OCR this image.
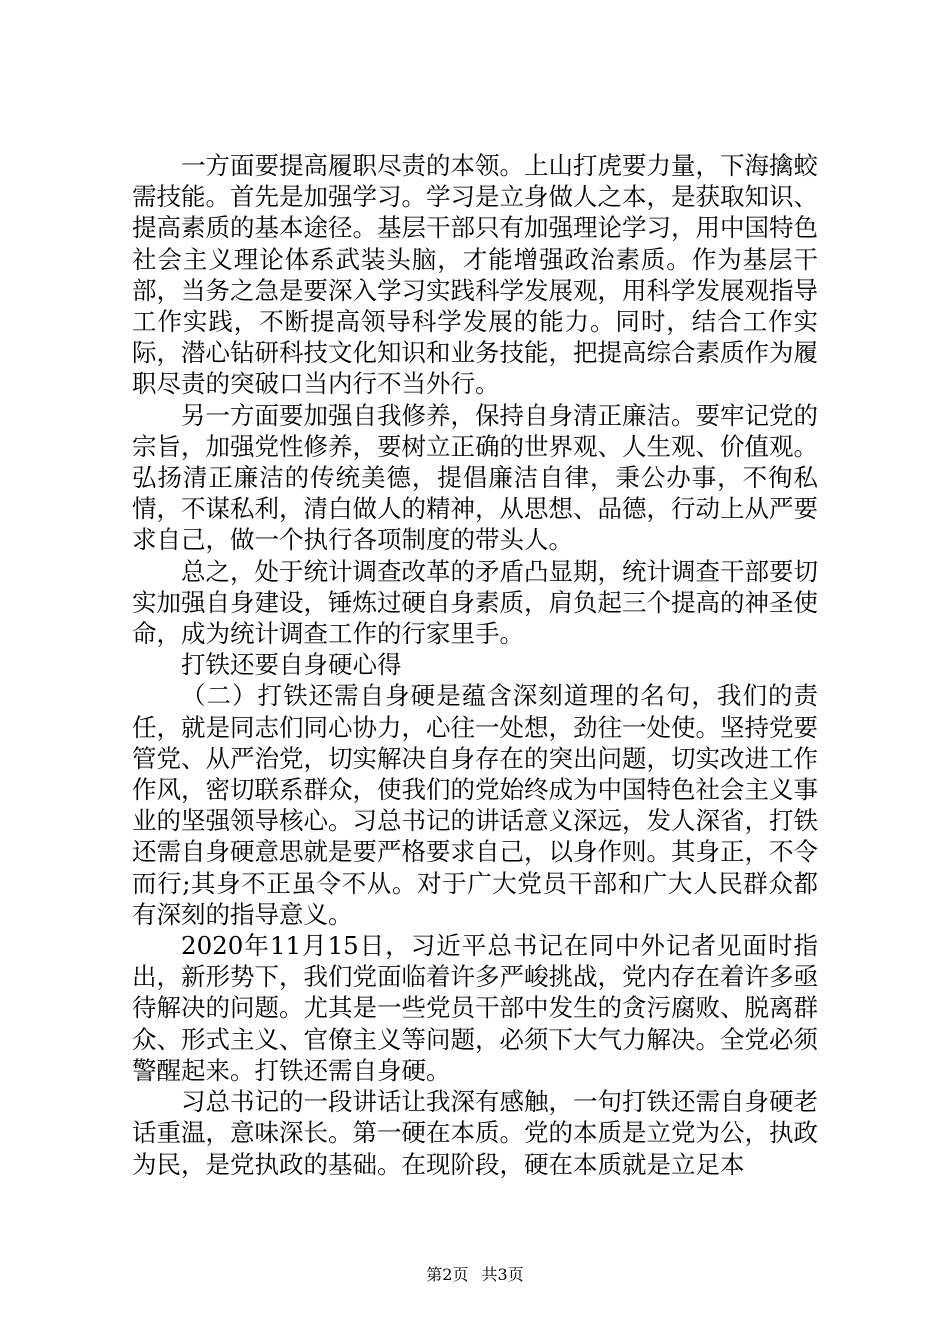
一方面要提高履职尽责的本领。上山打虎要力量，下海擒蛟需技能。首先是加强学习。学习是立身做人之本，是获取知识、提高素质的基本途径。基层干部只有加强理论学习，用中国特色社会主义理论体系武装头脑，才能增强政治素质。作为基层干部，当务之急是要深入学习实践科学发展观，用科学发展观指导工作实践，不断提高领导科学发展的能力。同时，结合工作实际，潜心钻研科技文化知识和业务技能，把提高综合素质作为履职尽责的突破口当内行不当外行。

另一方面要加强自我修养，保持自身清正廉洁。要牢记党的宗旨，加强党性修养，要树立正确的世界观、人生观、价值观。弘扬清正廉洁的传统美德，提倡廉洁自律，秉公办事，不徇私情，不谋私利，清白做人的精神，从思想、品德，行动上从严要求自己，做一个执行各项制度的带头人。

总之，处于统计调查改革的矛盾凸显期，统计调查干部要切实加强自身建设，锤炼过硬自身素质，肩负起三个提高的神圣使命，成为统计调查工作的行家里手。

打铁还要自身硬心得

（二）打铁还需自身硬是蕴含深刻道理的名句，我们的责任，就是同志们同心协力，心往一处想，劲往一处使。坚持党要管党、从严治党，切实解决自身存在的突出问题，切实改进工作作风，密切联系群众，使我们的党始终成为中国特色社会主义事业的坚强领导核心。习总书记的讲话意义深远，发人深省，打铁还需自身硬意思就是要严格要求自己，以身作则。其身正，不令而行;其身不正虽令不从。对于广大党员干部和广大人民群众都有深刻的指导意义。

2020年11月15日，习近平总书记在同中外记者见面时指出，新形势下，我们党面临着许多严峻挑战，党内存在着许多亟待解决的问题。尤其是一些党员干部中发生的贪污腐败、脱离群众、形式主义、官僚主义等问题，必须下大气力解决。全党必须警醒起来。打铁还需自身硬。

习总书记的一段讲话让我深有感触，一句打铁还需自身硬老话重温，意味深长。第一硬在本质。党的本质是立党为公，执政为民，是党执政的基础。在现阶段，硬在本质就是立足本

第2页 共3页
